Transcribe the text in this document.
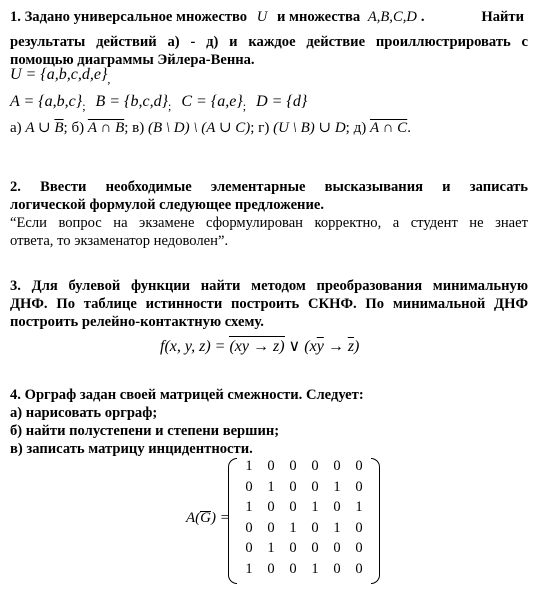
1. Задано универсальное множество U и множества A,B,C,D .	Найти
результаты действий а) - д) и каждое действие проиллюстрировать с
помощью диаграммы Эйлера-Венна.
$U = \{a,b,c,d,e\}_,$
$A = \{a,b,c\}_;$ $B = \{b,c,d\}_;$ $C = \{a,e\}_;$ D = {d}
а) A ∪ $\overline{B}$; б) A ∩ B; в) (B \ D) \ (A ∪ C); г) (U \ B) ∪ D; д) A ∩ C.
2. Ввести необходимые элементарные высказывания и записать
логической формулой следующее предложение.
“Если вопрос на экзамене сформулирован корректно, а студент не знает
ответа, то экзаменатор недоволен”.
3. Для булевой функции найти методом преобразования минимальную
ДНФ. По таблице истинности построить СКНФ. По минимальной ДНФ
построить релейно-контактную схему.
f(x, y, z) = (xy → z) ∨ $(x\overline{y} \to \overline{z})$
4. Орграф задан своей матрицей смежности. Следует:
а) нарисовать орграф;
б) найти полустепени и степени вершин;
в) записать матрицу инцидентности.
A(G) =
1	0	0	0	0	0
0	1	0	0	1	0
1	0	0	1	0	1
0	0	1	0	1	0
0	1	0	0	0	0
1	0	0	1	0	0
